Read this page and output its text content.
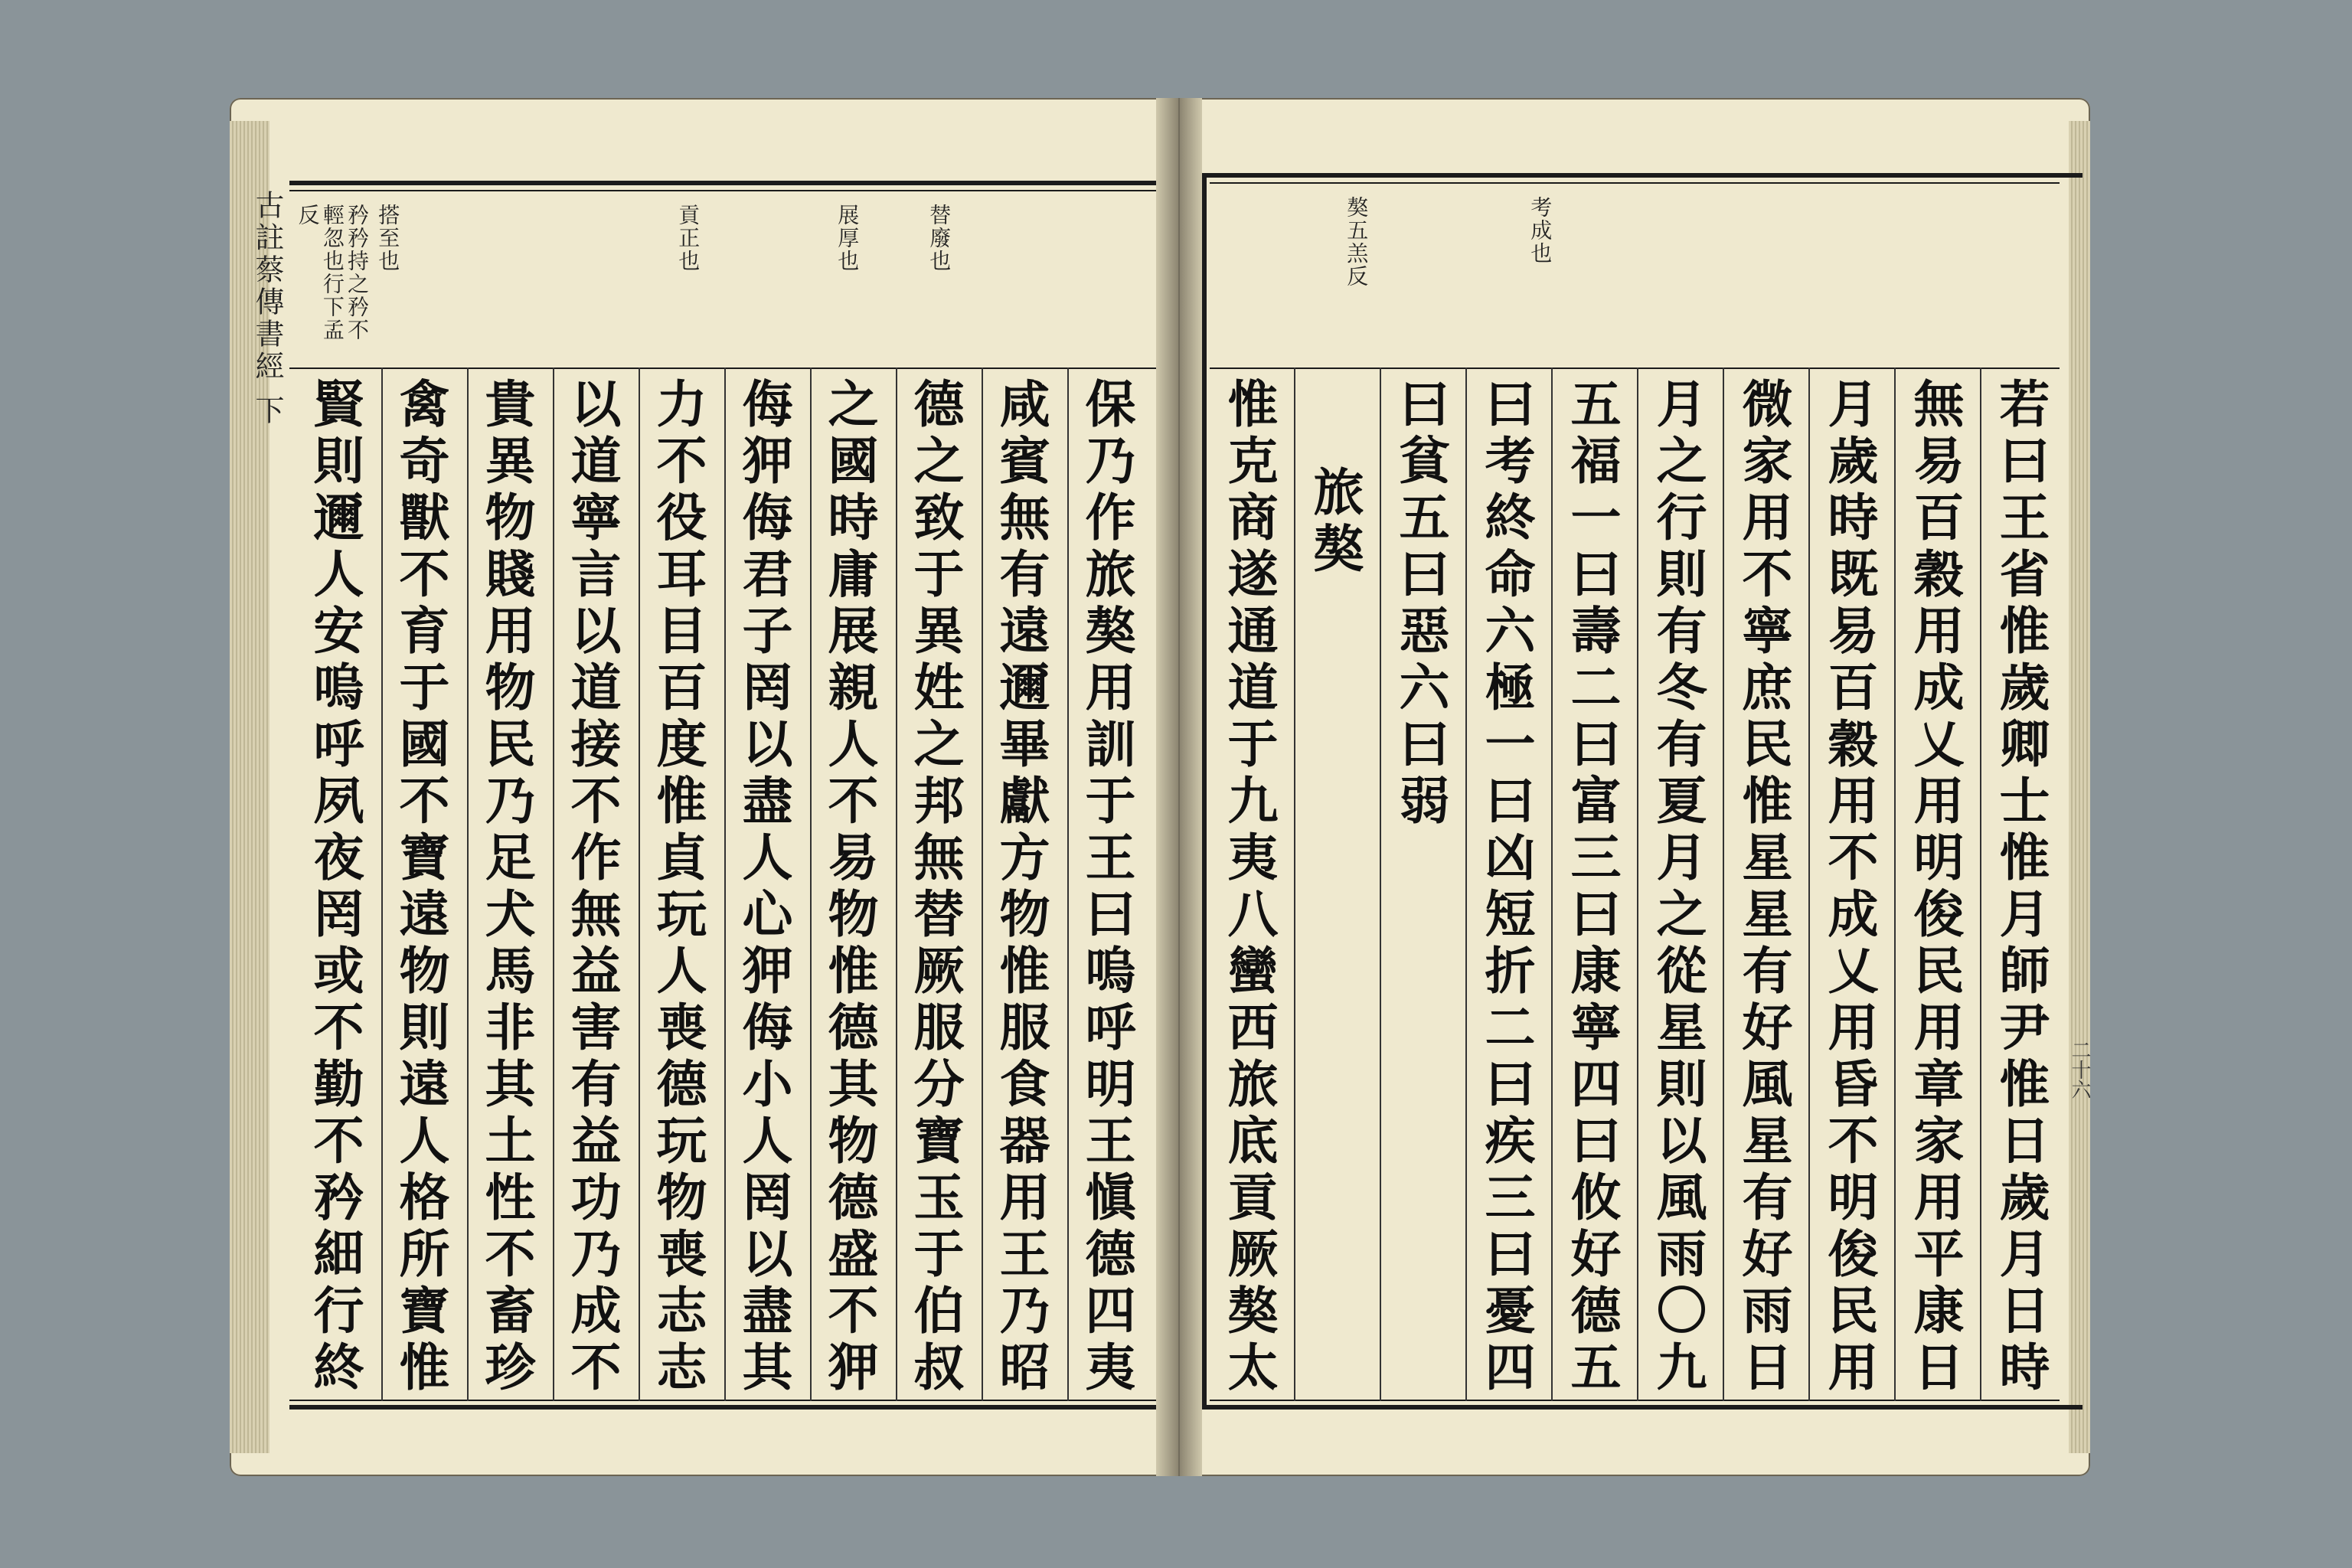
古註蔡傳書經 下	搭至也
矜矜持之矜不輕忽也行下孟反	貢正也	展厚也	替廢也
保乃作旅獒用訓于王曰嗚呼明王愼德四夷
咸賓無有遠邇畢獻方物惟服食器用王乃昭
德之致于異姓之邦無替厥服分寶玉于伯叔
之國時庸展親人不易物惟德其物德盛不狎
侮狎侮君子罔以盡人心狎侮小人罔以盡其
力不役耳目百度惟貞玩人喪德玩物喪志志
以道寧言以道接不作無益害有益功乃成不
貴異物賤用物民乃足犬馬非其土性不畜珍
禽奇獸不育于國不寶遠物則遠人格所寶惟
賢則邇人安嗚呼夙夜罔或不勤不矜細行終
考成也
獒五羔反
若曰王省惟歲卿士惟月師尹惟日歲月日時
無易百穀用成乂用明俊民用章家用平康日
月歲時既易百穀用不成乂用昏不明俊民用
微家用不寧庶民惟星星有好風星有好雨日
月之行則有冬有夏月之從星則以風雨〇九
五福一曰壽二曰富三曰康寧四曰攸好德五
曰考終命六極一曰凶短折二曰疾三曰憂四
曰貧五曰惡六曰弱
旅獒
惟克商遂通道于九夷八蠻西旅底貢厥獒太	二十六
